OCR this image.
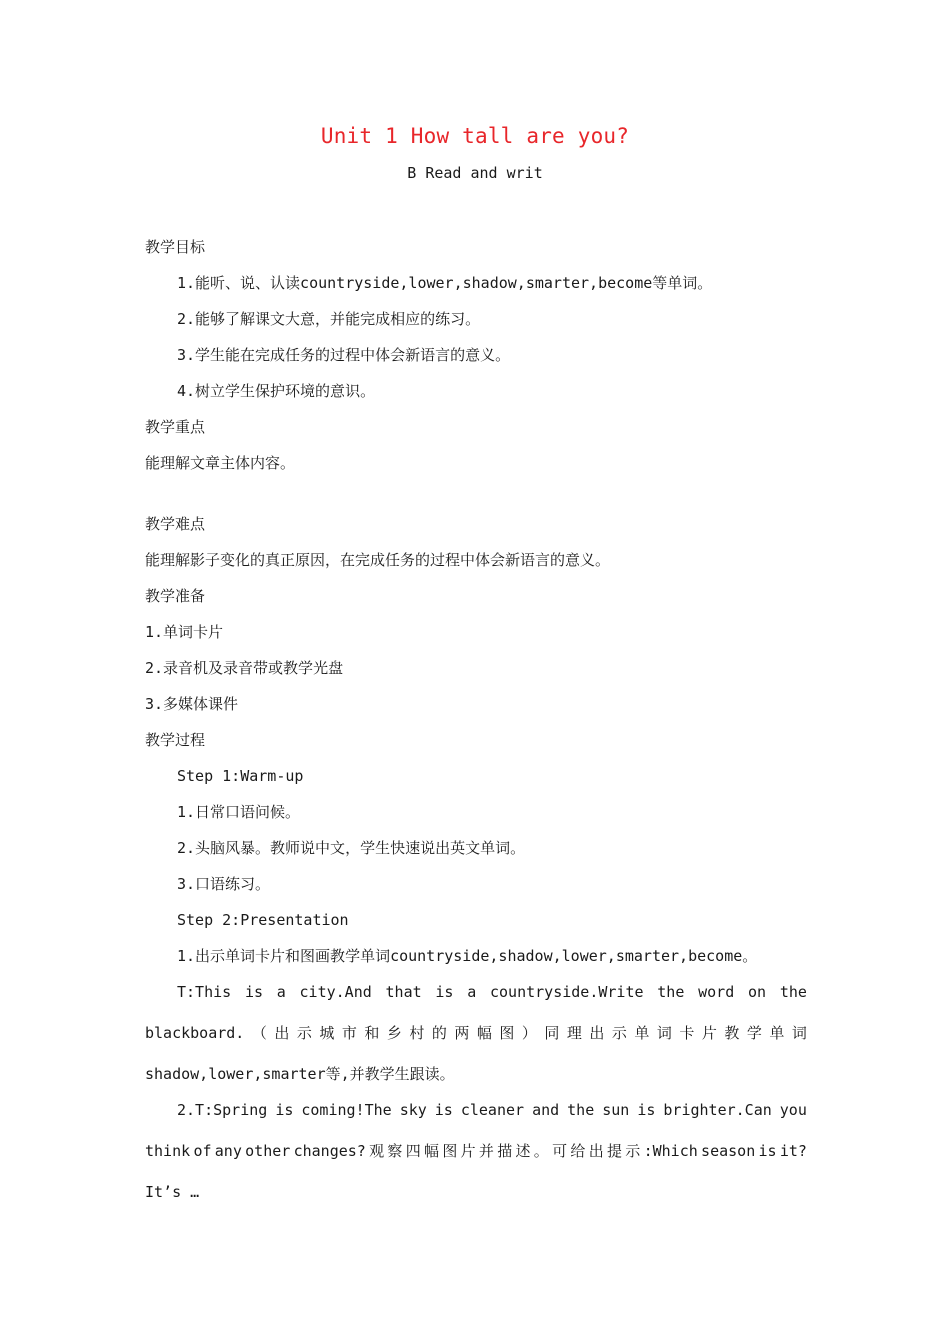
Unit 1 How tall are you?
B Read and writ
教学目标
1.能听、说、认读countryside,lower,shadow,smarter,become等单词。
2.能够了解课文大意，并能完成相应的练习。
3.学生能在完成任务的过程中体会新语言的意义。
4.树立学生保护环境的意识。
教学重点
能理解文章主体内容。
教学难点
能理解影子变化的真正原因，在完成任务的过程中体会新语言的意义。
教学准备
1.单词卡片
2.录音机及录音带或教学光盘
3.多媒体课件
教学过程
Step 1:Warm-up
1.日常口语问候。
2.头脑风暴。教师说中文，学生快速说出英文单词。
3.口语练习。
Step 2:Presentation
1.出示单词卡片和图画教学单词countryside,shadow,lower,smarter,become。
T:This is a city.And that is a countryside.Write the word on the
blackboard. （ 出 示 城 市 和 乡 村 的 两 幅 图 ） 同 理 出 示 单 词 卡 片 教 学 单 词
shadow,lower,smarter等,并教学生跟读。
2.T:Spring is coming!The sky is cleaner and the sun is brighter.Can you
think of any other changes? 观 察 四 幅 图 片 并 描 述 。 可 给 出 提 示 :Which season is it?
It’s …
